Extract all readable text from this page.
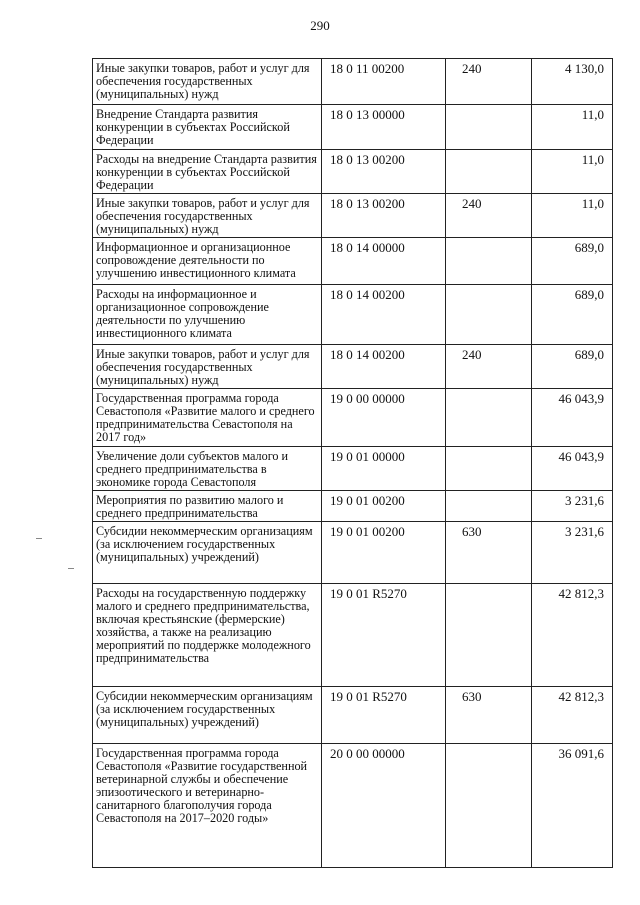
290
Иные закупки товаров, работ и услуг для обеспечения государственных (муниципальных) нужд	18 0 11 00200	240	4 130,0
Внедрение Стандарта развития конкуренции в субъектах Российской Федерации	18 0 13 00000		11,0
Расходы на внедрение Стандарта развития конкуренции в субъектах Российской Федерации	18 0 13 00200		11,0
Иные закупки товаров, работ и услуг для обеспечения государственных (муниципальных) нужд	18 0 13 00200	240	11,0
Информационное и организационное сопровождение деятельности по улучшению инвестиционного климата	18 0 14 00000		689,0
Расходы на информационное и организационное сопровождение деятельности по улучшению инвестиционного климата	18 0 14 00200		689,0
Иные закупки товаров, работ и услуг для обеспечения государственных (муниципальных) нужд	18 0 14 00200	240	689,0
Государственная программа города Севастополя «Развитие малого и среднего предпринимательства Севастополя на 2017 год»	19 0 00 00000		46 043,9
Увеличение доли субъектов малого и среднего предпринимательства в экономике города Севастополя	19 0 01 00000		46 043,9
Мероприятия по развитию малого и среднего предпринимательства	19 0 01 00200		3 231,6
Субсидии некоммерческим организациям (за исключением государственных (муниципальных) учреждений)	19 0 01 00200	630	3 231,6
Расходы на государственную поддержку малого и среднего предпринимательства, включая крестьянские (фермерские) хозяйства, а также на реализацию мероприятий по поддержке молодежного предпринимательства	19 0 01 R5270		42 812,3
Субсидии некоммерческим организациям (за исключением государственных (муниципальных) учреждений)	19 0 01 R5270	630	42 812,3
Государственная программа города Севастополя «Развитие государственной ветеринарной службы и обеспечение эпизоотического и ветеринарно-санитарного благополучия города Севастополя на 2017–2020 годы»	20 0 00 00000		36 091,6
